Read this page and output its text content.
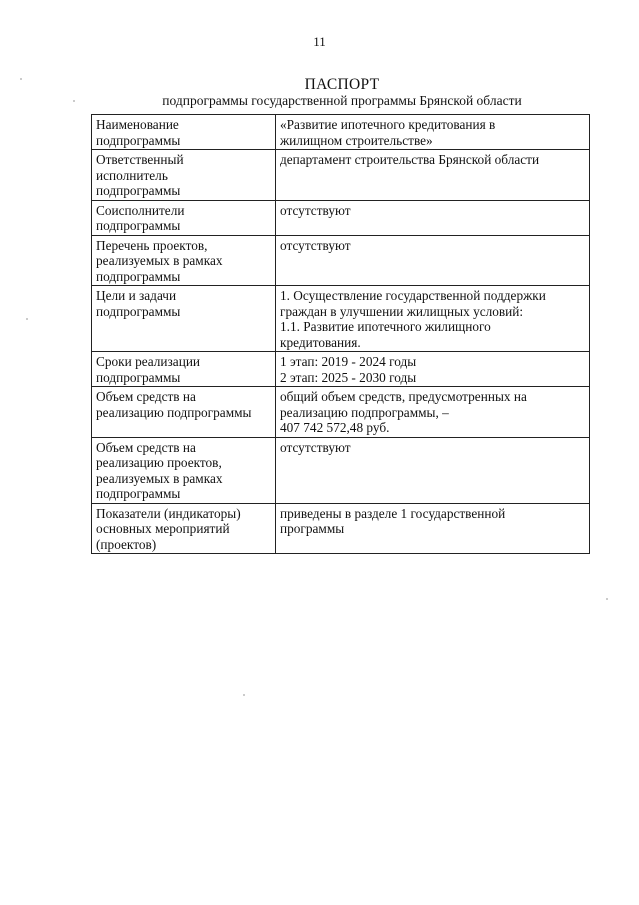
11
ПАСПОРТ
подпрограммы государственной программы Брянской области
Наименование
подпрограммы	«Развитие ипотечного кредитования в
жилищном строительстве»

Ответственный
исполнитель
подпрограммы	департамент строительства Брянской области

Соисполнители
подпрограммы	отсутствуют

Перечень проектов,
реализуемых в рамках
подпрограммы	отсутствуют

Цели и задачи
подпрограммы	1. Осуществление государственной поддержки
граждан в улучшении жилищных условий:
1.1. Развитие ипотечного жилищного
кредитования.

Сроки реализации
подпрограммы	1 этап: 2019 - 2024 годы
2 этап: 2025 - 2030 годы

Объем средств на
реализацию подпрограммы	общий объем средств, предусмотренных на
реализацию подпрограммы, –
407 742 572,48 руб.

Объем средств на
реализацию проектов,
реализуемых в рамках
подпрограммы	отсутствуют

Показатели (индикаторы)
основных мероприятий
(проектов)	приведены в разделе 1 государственной
программы
